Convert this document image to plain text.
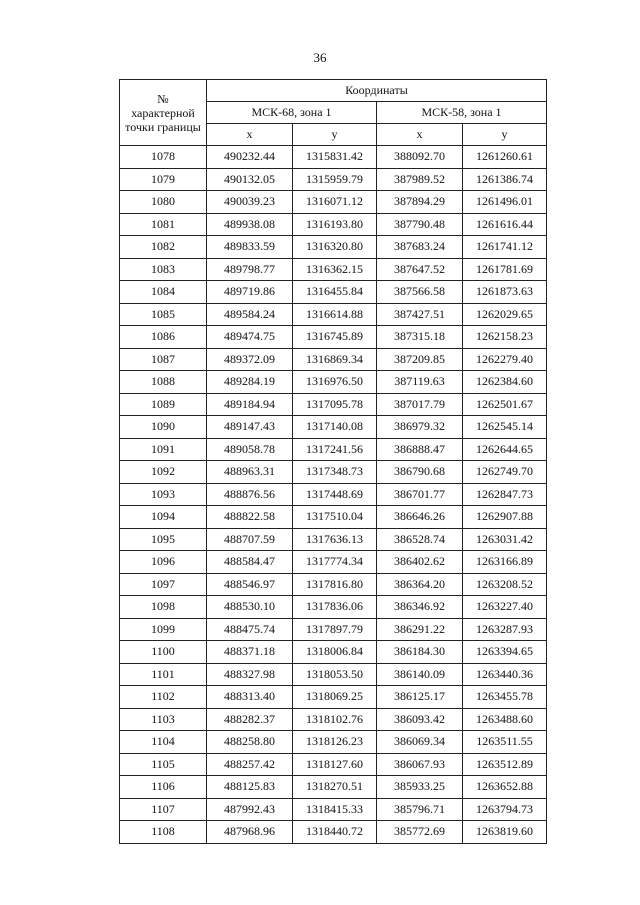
36
№
характерной
точки границы	Координаты			
	МСК-68, зона 1		МСК-58, зона 1	
	x	y	x	y
1078	490232.44	1315831.42	388092.70	1261260.61
1079	490132.05	1315959.79	387989.52	1261386.74
1080	490039.23	1316071.12	387894.29	1261496.01
1081	489938.08	1316193.80	387790.48	1261616.44
1082	489833.59	1316320.80	387683.24	1261741.12
1083	489798.77	1316362.15	387647.52	1261781.69
1084	489719.86	1316455.84	387566.58	1261873.63
1085	489584.24	1316614.88	387427.51	1262029.65
1086	489474.75	1316745.89	387315.18	1262158.23
1087	489372.09	1316869.34	387209.85	1262279.40
1088	489284.19	1316976.50	387119.63	1262384.60
1089	489184.94	1317095.78	387017.79	1262501.67
1090	489147.43	1317140.08	386979.32	1262545.14
1091	489058.78	1317241.56	386888.47	1262644.65
1092	488963.31	1317348.73	386790.68	1262749.70
1093	488876.56	1317448.69	386701.77	1262847.73
1094	488822.58	1317510.04	386646.26	1262907.88
1095	488707.59	1317636.13	386528.74	1263031.42
1096	488584.47	1317774.34	386402.62	1263166.89
1097	488546.97	1317816.80	386364.20	1263208.52
1098	488530.10	1317836.06	386346.92	1263227.40
1099	488475.74	1317897.79	386291.22	1263287.93
1100	488371.18	1318006.84	386184.30	1263394.65
1101	488327.98	1318053.50	386140.09	1263440.36
1102	488313.40	1318069.25	386125.17	1263455.78
1103	488282.37	1318102.76	386093.42	1263488.60
1104	488258.80	1318126.23	386069.34	1263511.55
1105	488257.42	1318127.60	386067.93	1263512.89
1106	488125.83	1318270.51	385933.25	1263652.88
1107	487992.43	1318415.33	385796.71	1263794.73
1108	487968.96	1318440.72	385772.69	1263819.60
